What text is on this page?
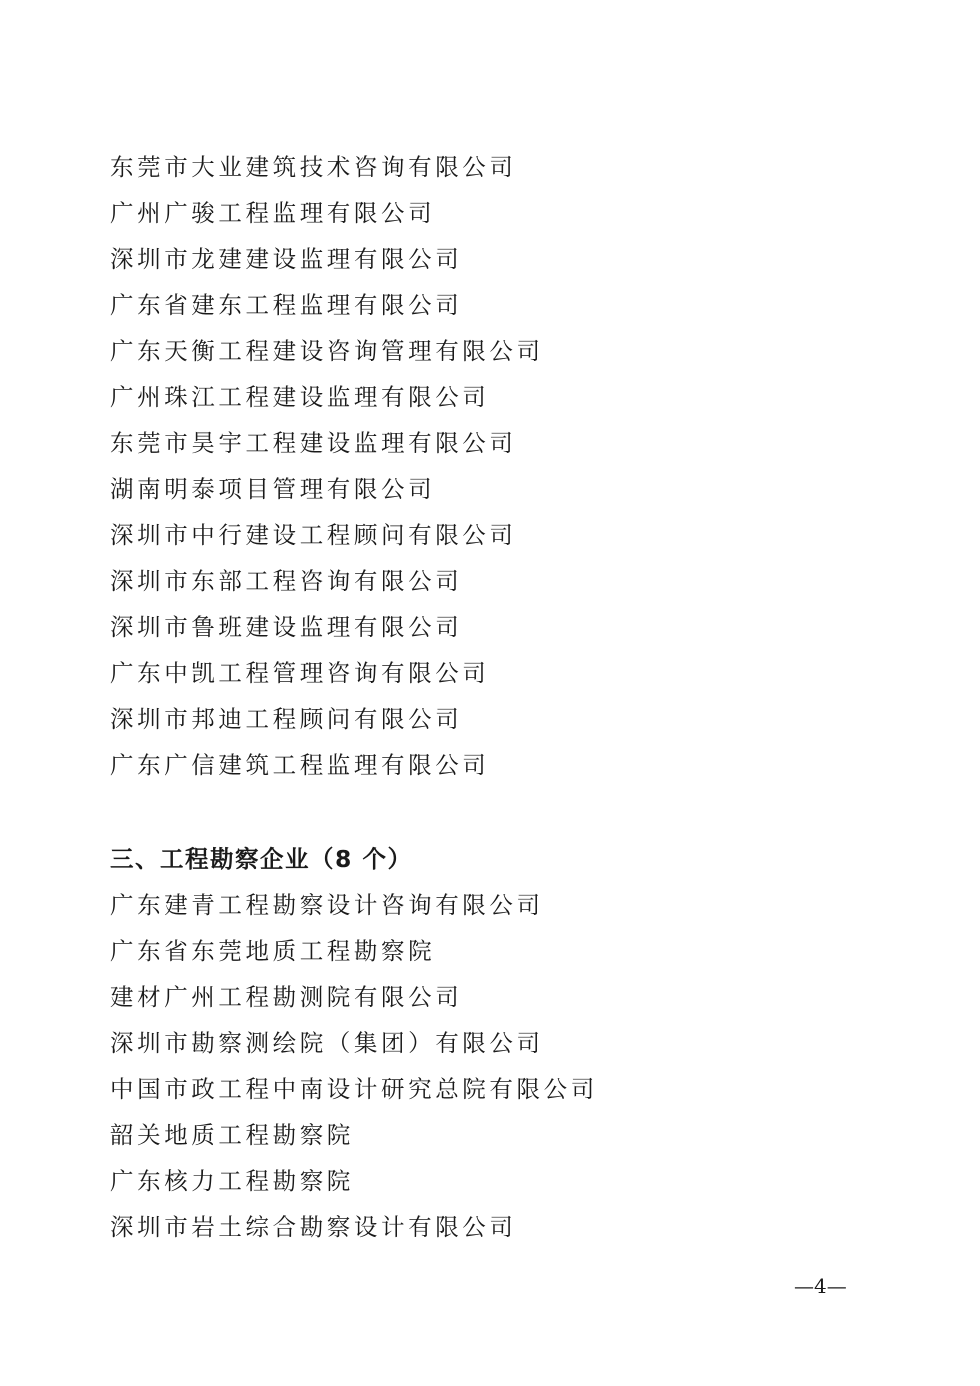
东莞市大业建筑技术咨询有限公司
广州广骏工程监理有限公司
深圳市龙建建设监理有限公司
广东省建东工程监理有限公司
广东天衡工程建设咨询管理有限公司
广州珠江工程建设监理有限公司
东莞市昊宇工程建设监理有限公司
湖南明泰项目管理有限公司
深圳市中行建设工程顾问有限公司
深圳市东部工程咨询有限公司
深圳市鲁班建设监理有限公司
广东中凯工程管理咨询有限公司
深圳市邦迪工程顾问有限公司
广东广信建筑工程监理有限公司
三、工程勘察企业（8 个）
广东建青工程勘察设计咨询有限公司
广东省东莞地质工程勘察院
建材广州工程勘测院有限公司
深圳市勘察测绘院（集团）有限公司
中国市政工程中南设计研究总院有限公司
韶关地质工程勘察院
广东核力工程勘察院
深圳市岩土综合勘察设计有限公司
—4—
